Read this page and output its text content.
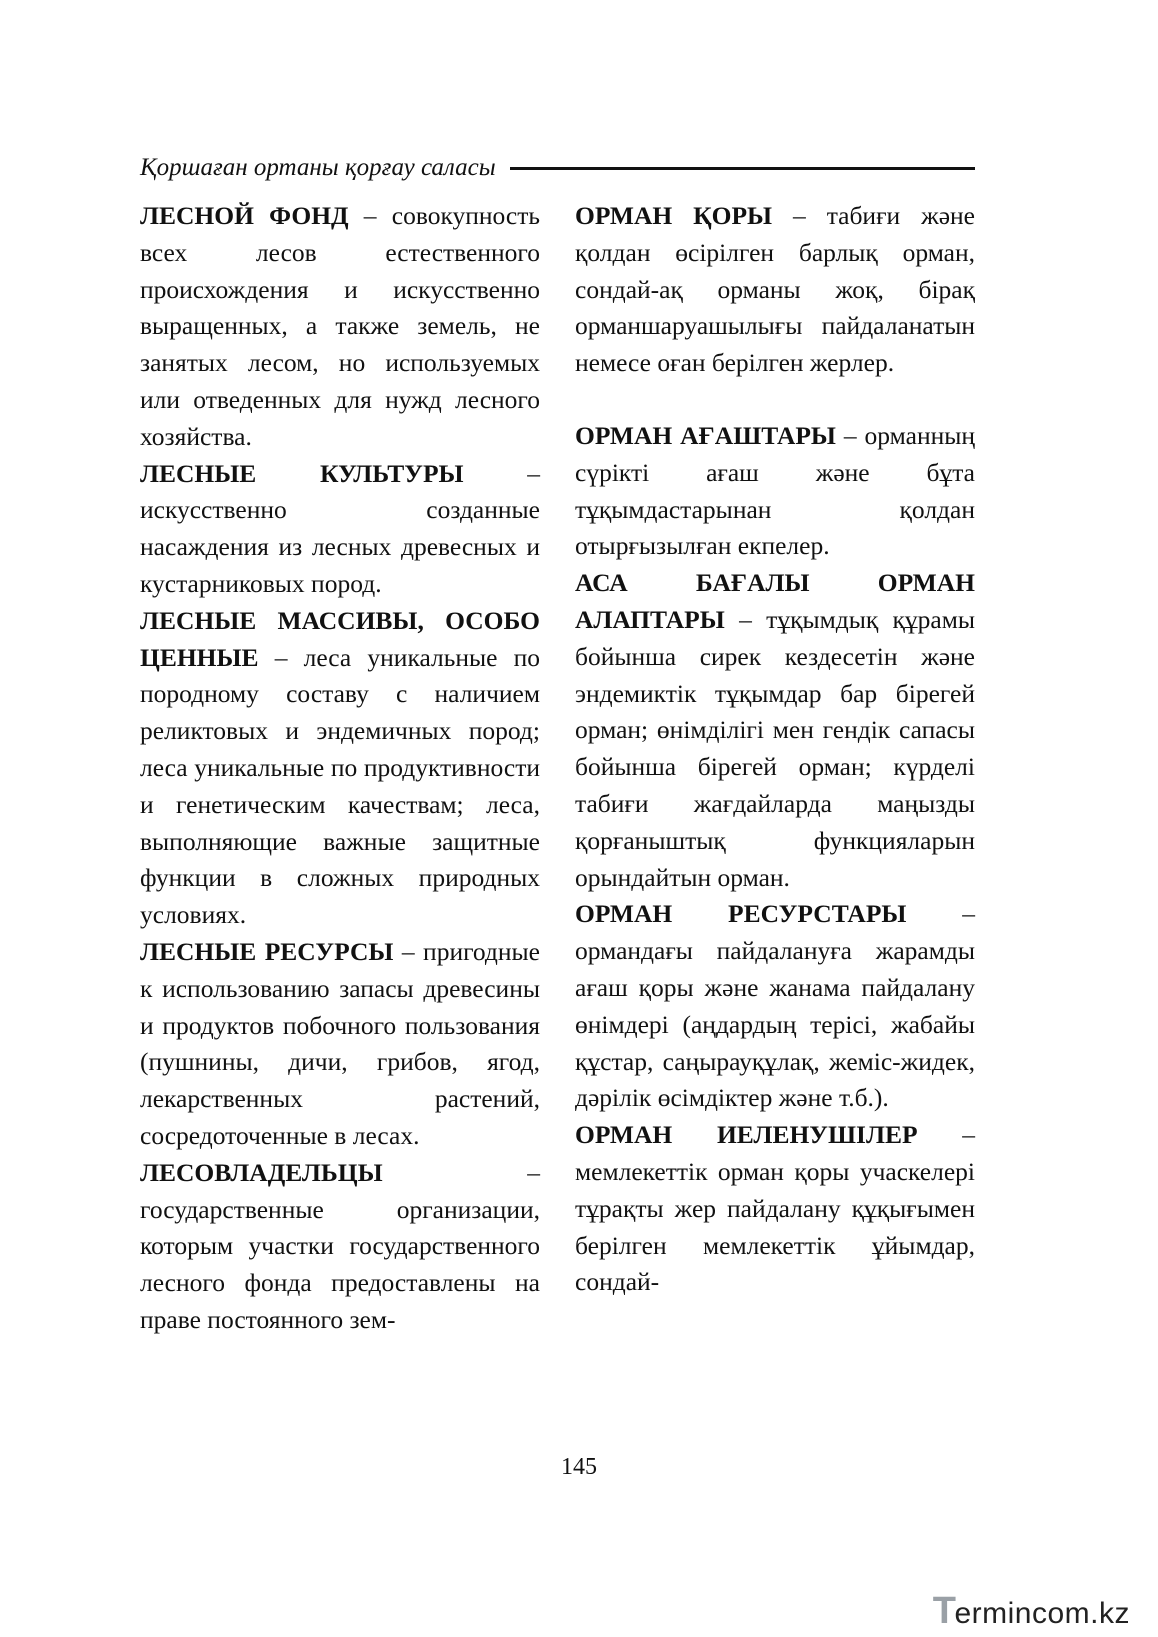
Қоршаған ортаны қорғау саласы

ЛЕСНОЙ ФОНД – совокупность всех лесов естественного происхождения и искусственно выращенных, а также земель, не занятых лесом, но используемых или отведенных для нужд лесного хозяйства.

ЛЕСНЫЕ КУЛЬТУРЫ – искусственно созданные насаждения из лесных древесных и кустарниковых пород.

ЛЕСНЫЕ МАССИВЫ, ОСОБО ЦЕННЫЕ – леса уникальные по породному составу с наличием реликтовых и эндемичных пород; леса уникальные по продуктивности и генетическим качествам; леса, выполняющие важные защитные функции в сложных природных условиях.

ЛЕСНЫЕ РЕСУРСЫ – пригодные к использованию запасы древесины и продуктов побочного пользования (пушнины, дичи, грибов, ягод, лекарственных растений, сосредоточенные в лесах.

ЛЕСОВЛАДЕЛЬЦЫ – государственные организации, которым участки государственного лесного фонда предоставлены на праве постоянного зем-

ОРМАН ҚОРЫ – табиғи және қолдан өсірілген барлық орман, сондай-ақ орманы жоқ, бірақ орманшаруашылығы пайдаланатын немесе оған берілген жерлер.

ОРМАН АҒАШТАРЫ – орманның сүрікті ағаш және бұта тұқымдастарынан қолдан отырғызылған екпелер.

АСА БАҒАЛЫ ОРМАН АЛАПТАРЫ – тұқымдық құрамы бойынша сирек кездесетін және эндемиктік тұқымдар бар бірегей орман; өнімділігі мен гендік сапасы бойынша бірегей орман; күрделі табиғи жағдайларда маңызды қорғаныштық функцияларын орындайтын орман.

ОРМАН РЕСУРСТАРЫ – ормандағы пайдалануға жарамды ағаш қоры және жанама пайдалану өнімдері (аңдардың терісі, жабайы құстар, саңырауқұлақ, жеміс-жидек, дәрілік өсімдіктер және т.б.).

ОРМАН ИЕЛЕНУШІЛЕР – мемлекеттік орман қоры учаскелері тұрақты жер пайдалану құқығымен берілген мемлекеттік ұйымдар, сондай-

145
Termincom.kz
